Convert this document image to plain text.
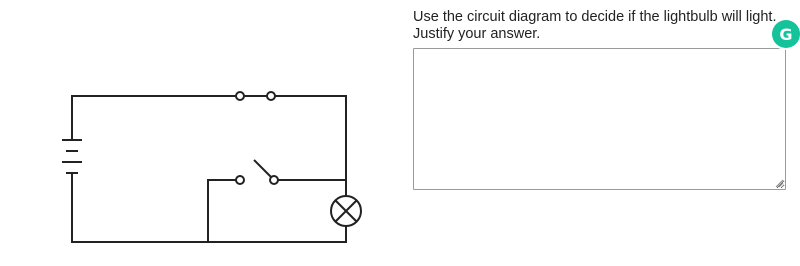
Use the circuit diagram to decide if the lightbulb will light. Justify your answer.	G
